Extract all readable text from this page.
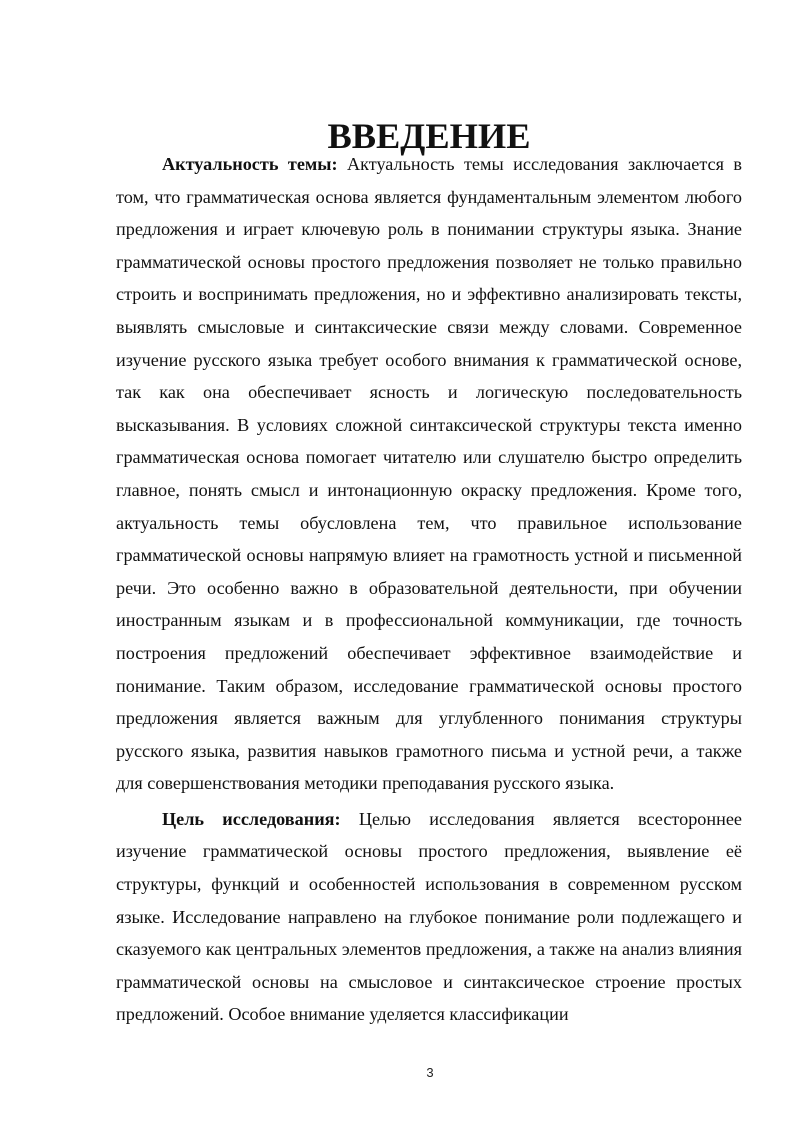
ВВЕДЕНИЕ

Актуальность темы: Актуальность темы исследования заключается в том, что грамматическая основа является фундаментальным элементом любого предложения и играет ключевую роль в понимании структуры языка. Знание грамматической основы простого предложения позволяет не только правильно строить и воспринимать предложения, но и эффективно анализировать тексты, выявлять смысловые и синтаксические связи между словами. Современное изучение русского языка требует особого внимания к грамматической основе, так как она обеспечивает ясность и логическую последовательность высказывания. В условиях сложной синтаксической структуры текста именно грамматическая основа помогает читателю или слушателю быстро определить главное, понять смысл и интонационную окраску предложения. Кроме того, актуальность темы обусловлена тем, что правильное использование грамматической основы напрямую влияет на грамотность устной и письменной речи. Это особенно важно в образовательной деятельности, при обучении иностранным языкам и в профессиональной коммуникации, где точность построения предложений обеспечивает эффективное взаимодействие и понимание. Таким образом, исследование грамматической основы простого предложения является важным для углубленного понимания структуры русского языка, развития навыков грамотного письма и устной речи, а также для совершенствования методики преподавания русского языка.

Цель исследования: Целью исследования является всестороннее изучение грамматической основы простого предложения, выявление её структуры, функций и особенностей использования в современном русском языке. Исследование направлено на глубокое понимание роли подлежащего и сказуемого как центральных элементов предложения, а также на анализ влияния грамматической основы на смысловое и синтаксическое строение простых предложений. Особое внимание уделяется классификации

3
